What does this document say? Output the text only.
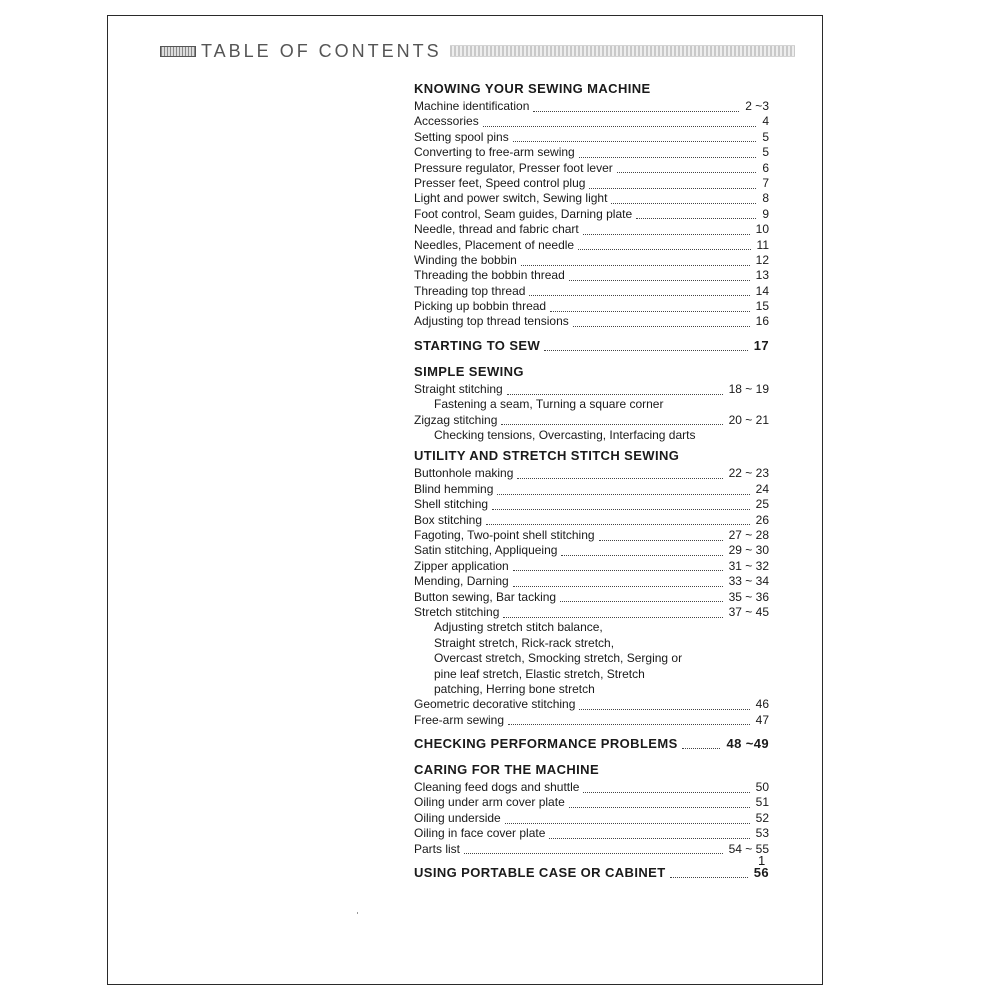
TABLE OF CONTENTS
KNOWING YOUR SEWING MACHINE
Machine identification	2 ~3
Accessories	4
Setting spool pins	5
Converting to free-arm sewing	5
Pressure regulator, Presser foot lever	6
Presser feet, Speed control plug	7
Light and power switch, Sewing light	8
Foot control, Seam guides, Darning plate	9
Needle, thread and fabric chart	10
Needles, Placement of needle	11
Winding the bobbin	12
Threading the bobbin thread	13
Threading top thread	14
Picking up bobbin thread	15
Adjusting top thread tensions	16
STARTING TO SEW	17
SIMPLE SEWING
Straight stitching	18 ~ 19
Fastening a seam, Turning a square corner
Zigzag stitching	20 ~ 21
Checking tensions, Overcasting, Interfacing darts
UTILITY AND STRETCH STITCH SEWING
Buttonhole making	22 ~ 23
Blind hemming	24
Shell stitching	25
Box stitching	26
Fagoting, Two-point shell stitching	27 ~ 28
Satin stitching, Appliqueing	29 ~ 30
Zipper application	31 ~ 32
Mending, Darning	33 ~ 34
Button sewing, Bar tacking	35 ~ 36
Stretch stitching	37 ~ 45
Adjusting stretch stitch balance,
Straight stretch, Rick-rack stretch,
Overcast stretch, Smocking stretch, Serging or
pine leaf stretch, Elastic stretch, Stretch
patching, Herring bone stretch
Geometric decorative stitching	46
Free-arm sewing	47
CHECKING PERFORMANCE PROBLEMS	48 ~49
CARING FOR THE MACHINE
Cleaning feed dogs and shuttle	50
Oiling under arm cover plate	51
Oiling underside	52
Oiling in face cover plate	53
Parts list	54 ~ 55
USING PORTABLE CASE OR CABINET	56
1
